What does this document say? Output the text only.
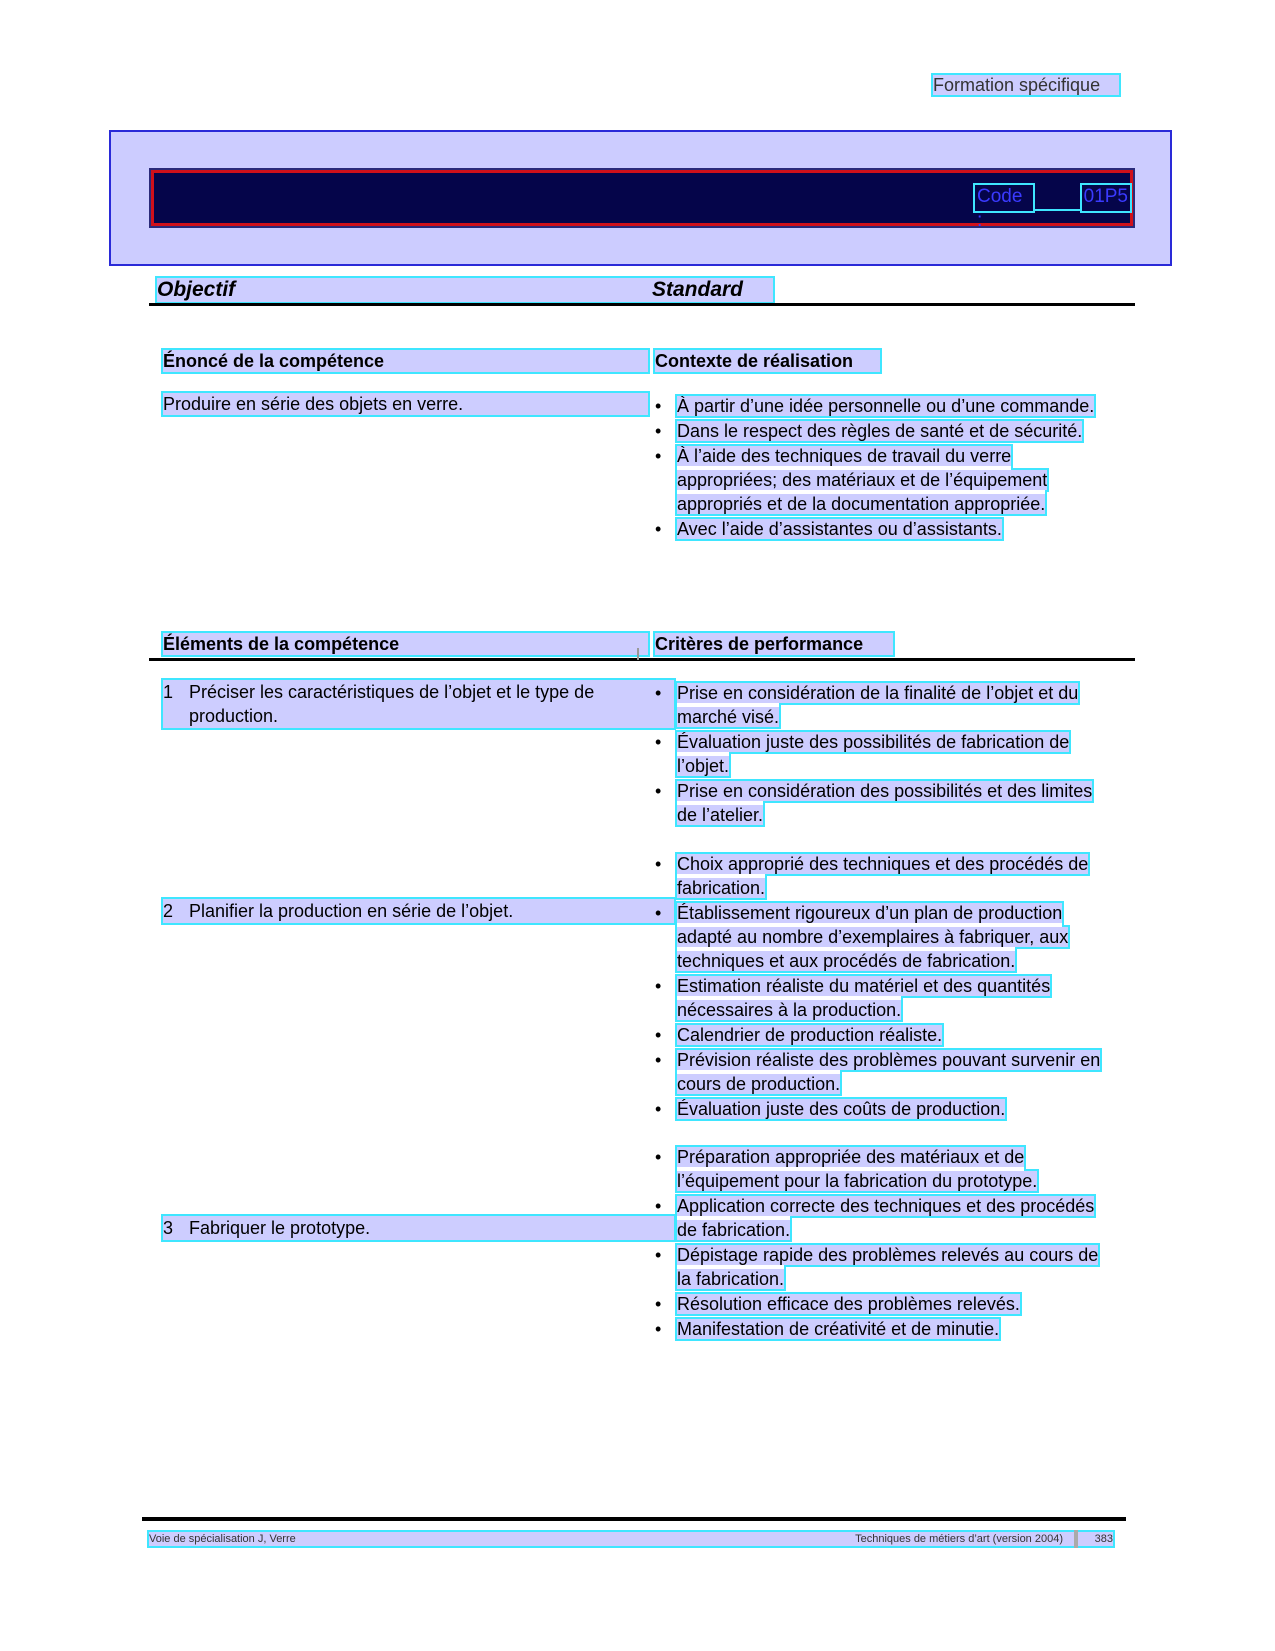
Formation spécifique
Code :
01P5
Objectif	Standard
Énoncé de la compétence	Contexte de réalisation
Produire en série des objets en verre.
•	À partir d’une idée personnelle ou d’une commande.
• Dans le respect des règles de santé et de sécurité.
• À l’aide des techniques de travail du verre appropriées; des matériaux et de l’équipement appropriés et de la documentation appropriée.
• Avec l’aide d’assistantes ou d’assistants.
Éléments de la compétence	Critères de performance
1 Préciser les caractéristiques de l’objet et le type de production.
• Prise en considération de la finalité de l’objet et du marché visé.
• Évaluation juste des possibilités de fabrication de l’objet.
• Prise en considération des possibilités et des limites de l’atelier.
2 Planifier la production en série de l’objet.
• Choix approprié des techniques et des procédés de fabrication.
• Établissement rigoureux d’un plan de production adapté au nombre d’exemplaires à fabriquer, aux techniques et aux procédés de fabrication.
• Estimation réaliste du matériel et des quantités nécessaires à la production.
• Calendrier de production réaliste.
• Prévision réaliste des problèmes pouvant survenir en cours de production.
• Évaluation juste des coûts de production.
3 Fabriquer le prototype.
• Préparation appropriée des matériaux et de l’équipement pour la fabrication du prototype.
• Application correcte des techniques et des procédés de fabrication.
• Dépistage rapide des problèmes relevés au cours de la fabrication.
• Résolution efficace des problèmes relevés.
• Manifestation de créativité et de minutie.
Voie de spécialisation J, Verre	Techniques de métiers d’art (version 2004)	383
